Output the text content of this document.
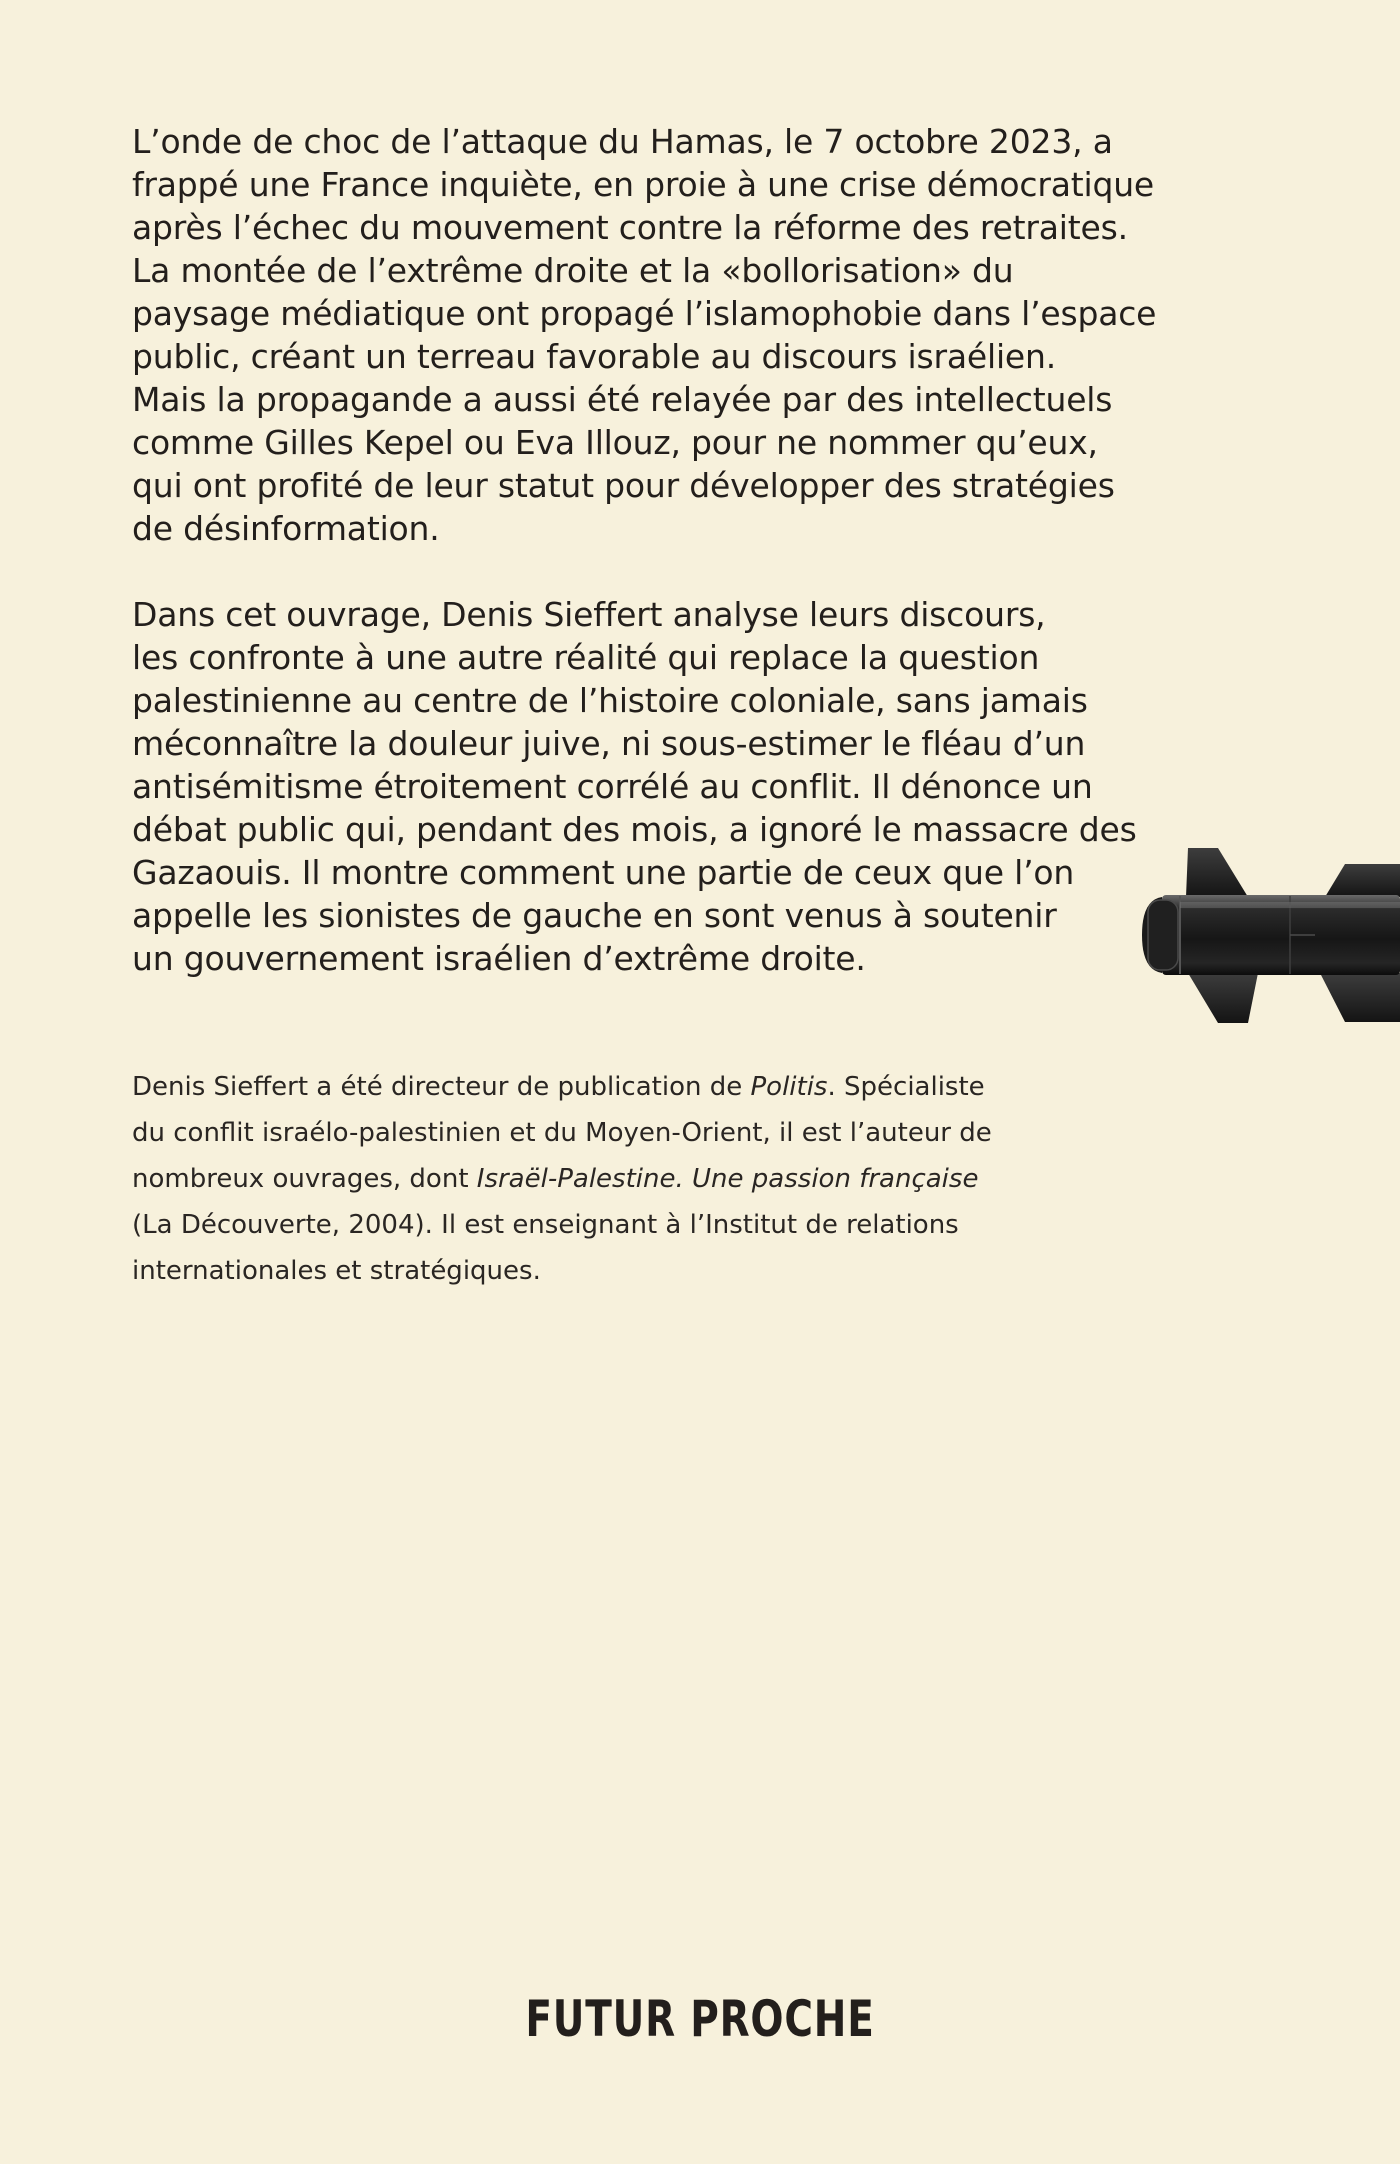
L’onde de choc de l’attaque du Hamas, le 7 octobre 2023, a
frappé une France inquiète, en proie à une crise démocratique
après l’échec du mouvement contre la réforme des retraites.
La montée de l’extrême droite et la «bollorisation» du
paysage médiatique ont propagé l’islamophobie dans l’espace
public, créant un terreau favorable au discours israélien.
Mais la propagande a aussi été relayée par des intellectuels
comme Gilles Kepel ou Eva Illouz, pour ne nommer qu’eux,
qui ont profité de leur statut pour développer des stratégies
de désinformation.

Dans cet ouvrage, Denis Sieffert analyse leurs discours,
les confronte à une autre réalité qui replace la question
palestinienne au centre de l’histoire coloniale, sans jamais
méconnaître la douleur juive, ni sous-estimer le fléau d’un
antisémitisme étroitement corrélé au conflit. Il dénonce un
débat public qui, pendant des mois, a ignoré le massacre des
Gazaouis. Il montre comment une partie de ceux que l’on
appelle les sionistes de gauche en sont venus à soutenir
un gouvernement israélien d’extrême droite.

Denis Sieffert a été directeur de publication de Politis. Spécialiste
du conflit israélo-palestinien et du Moyen-Orient, il est l’auteur de
nombreux ouvrages, dont Israël-Palestine. Une passion française
(La Découverte, 2004). Il est enseignant à l’Institut de relations
internationales et stratégiques.
FUTUR PROCHE
